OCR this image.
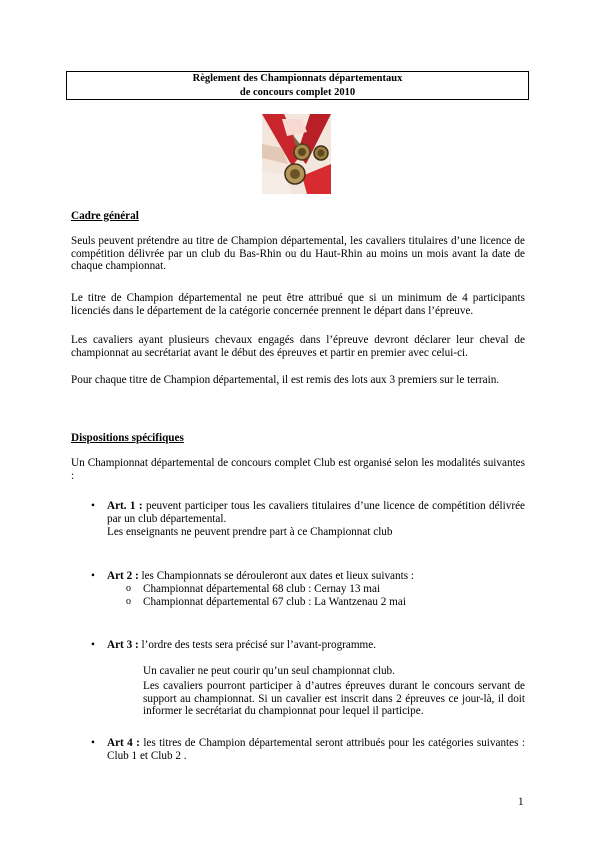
Règlement des Championnats départementaux
de concours complet 2010
Cadre général
Seuls peuvent prétendre au titre de Champion départemental, les cavaliers titulaires d’une licence de compétition délivrée par un club du Bas-Rhin ou du Haut-Rhin au moins un mois avant la date de chaque championnat.
Le titre de Champion départemental ne peut être attribué que si un minimum de 4 participants licenciés dans le département de la catégorie concernée prennent le départ dans l’épreuve.
Les cavaliers ayant plusieurs chevaux engagés dans l’épreuve devront déclarer leur cheval de championnat au secrétariat avant le début des épreuves et partir en premier avec celui-ci.
Pour chaque titre de Champion départemental, il est remis des lots aux 3 premiers sur le terrain.
Dispositions spécifiques
Un Championnat départemental de concours complet Club est organisé selon les modalités suivantes :
• Art. 1 : peuvent participer tous les cavaliers titulaires d’une licence de compétition délivrée par un club départemental.
Les enseignants ne peuvent prendre part à ce Championnat club
• Art 2 : les Championnats se dérouleront aux dates et lieux suivants :
o Championnat départemental 68 club : Cernay 13 mai
o Championnat départemental 67 club : La Wantzenau 2 mai
• Art 3 : l’ordre des tests sera précisé sur l’avant-programme.
Un cavalier ne peut courir qu’un seul championnat club.
Les cavaliers pourront participer à d’autres épreuves durant le concours servant de support au championnat. Si un cavalier est inscrit dans 2 épreuves ce jour-là, il doit informer le secrétariat du championnat pour lequel il participe.
• Art 4 : les titres de Champion départemental seront attribués pour les catégories suivantes : Club 1 et Club 2 .
1
